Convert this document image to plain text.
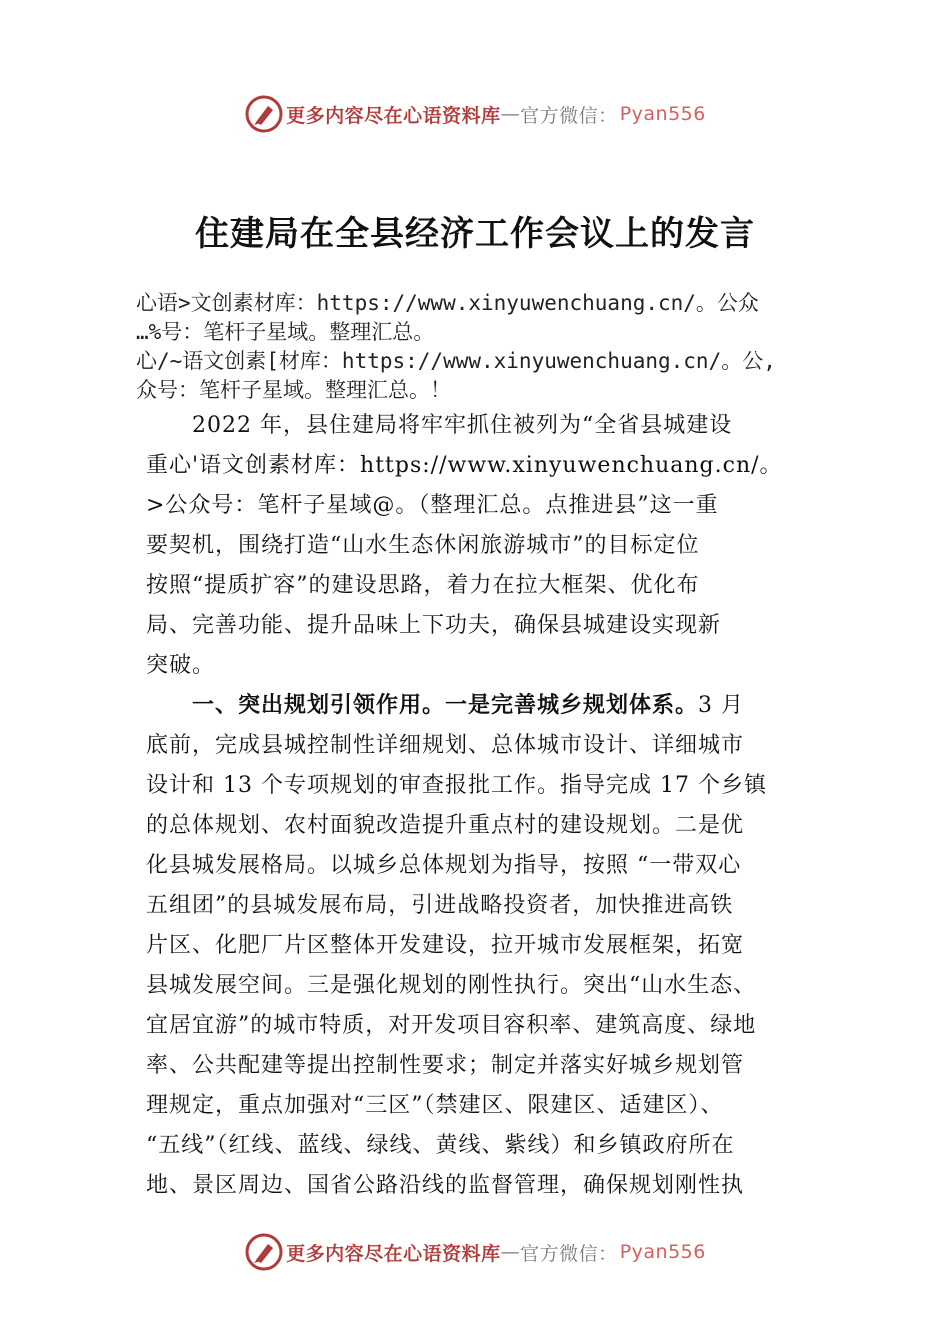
更多内容尽在心语资料库 — 官方微信： Pyan556
住建局在全县经济工作会议上的发言
心语>文创素材库：https://www.xinyuwenchuang.cn/。公众
…%号：笔杆子星域。整理汇总。
心/~语文创素[材库：https://www.xinyuwenchuang.cn/。公,
众号：笔杆子星域。整理汇总。！
　　2022 年，县住建局将牢牢抓住被列为“全省县城建设
重心'语文创素材库：https://www.xinyuwenchuang.cn/。
>公众号：笔杆子星域@。（整理汇总。点推进县”这一重
要契机，围绕打造“山水生态休闲旅游城市”的目标定位
按照“提质扩容”的建设思路，着力在拉大框架、优化布
局、完善功能、提升品味上下功夫，确保县城建设实现新
突破。
　　一、突出规划引领作用。一是完善城乡规划体系。3 月
底前，完成县城控制性详细规划、总体城市设计、详细城市
设计和 13 个专项规划的审查报批工作。指导完成 17 个乡镇
的总体规划、农村面貌改造提升重点村的建设规划。二是优
化县城发展格局。以城乡总体规划为指导，按照 “一带双心
五组团”的县城发展布局，引进战略投资者，加快推进高铁
片区、化肥厂片区整体开发建设，拉开城市发展框架，拓宽
县城发展空间。三是强化规划的刚性执行。突出“山水生态、
宜居宜游”的城市特质，对开发项目容积率、建筑高度、绿地
率、公共配建等提出控制性要求；制定并落实好城乡规划管
理规定，重点加强对“三区”（禁建区、限建区、适建区）、
“五线”（红线、蓝线、绿线、黄线、紫线）和乡镇政府所在
地、景区周边、国省公路沿线的监督管理，确保规划刚性执
更多内容尽在心语资料库 — 官方微信： Pyan556
